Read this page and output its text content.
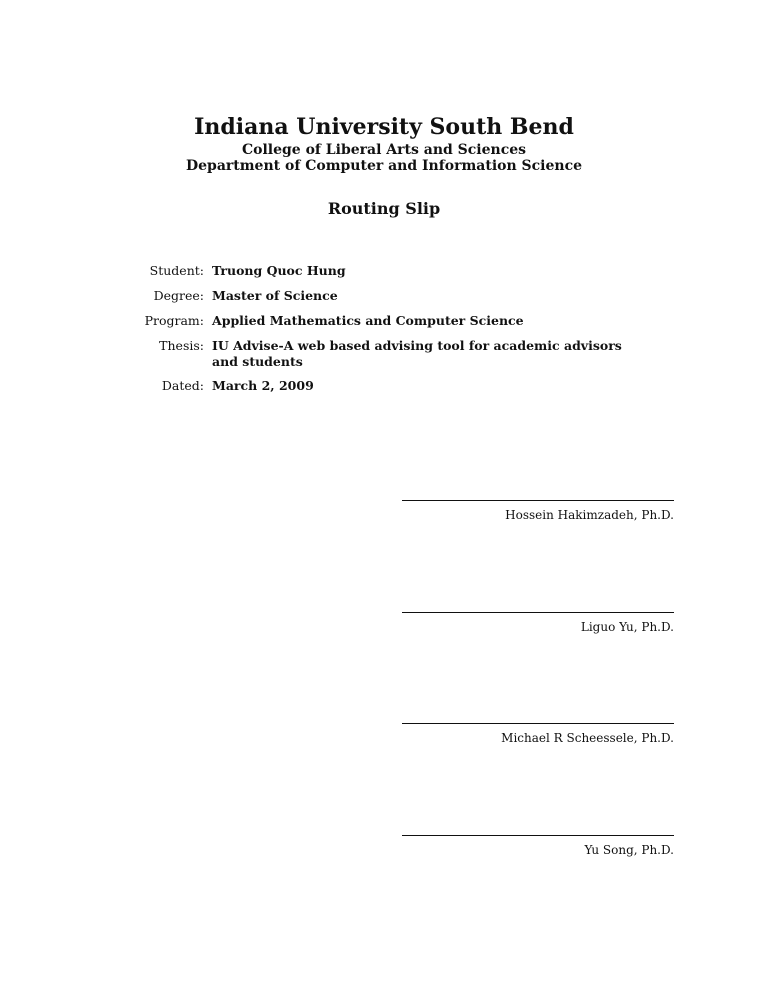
Indiana University South Bend
College of Liberal Arts and Sciences
Department of Computer and Information Science
Routing Slip
Student: Truong Quoc Hung
Degree: Master of Science
Program: Applied Mathematics and Computer Science
Thesis: IU Advise-A web based advising tool for academic advisors and students
Dated: March 2, 2009
Hossein Hakimzadeh, Ph.D.
Liguo Yu, Ph.D.
Michael R Scheessele, Ph.D.
Yu Song, Ph.D.
